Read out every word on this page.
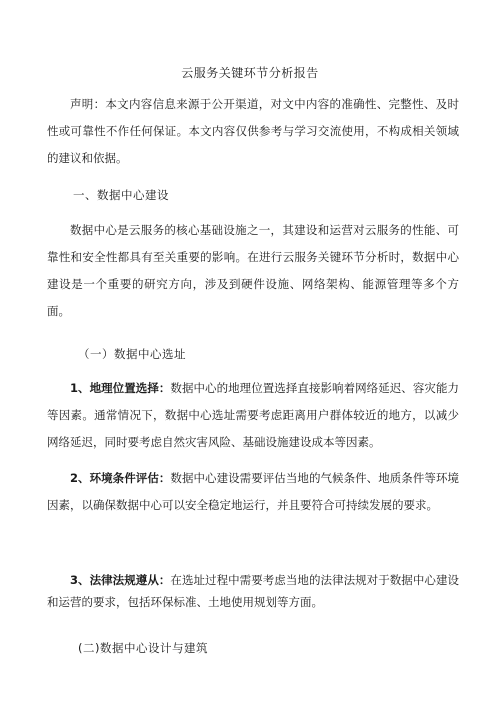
云服务关键环节分析报告
声明：本文内容信息来源于公开渠道，对文中内容的准确性、完整性、及时性或可靠性不作任何保证。本文内容仅供参考与学习交流使用，不构成相关领域的建议和依据。
一、数据中心建设
数据中心是云服务的核心基础设施之一，其建设和运营对云服务的性能、可靠性和安全性都具有至关重要的影响。在进行云服务关键环节分析时，数据中心建设是一个重要的研究方向，涉及到硬件设施、网络架构、能源管理等多个方面。
（一）数据中心选址
1、地理位置选择：数据中心的地理位置选择直接影响着网络延迟、容灾能力等因素。通常情况下，数据中心选址需要考虑距离用户群体较近的地方，以减少网络延迟，同时要考虑自然灾害风险、基础设施建设成本等因素。
2、环境条件评估：数据中心建设需要评估当地的气候条件、地质条件等环境因素，以确保数据中心可以安全稳定地运行，并且要符合可持续发展的要求。
3、法律法规遵从：在选址过程中需要考虑当地的法律法规对于数据中心建设和运营的要求，包括环保标准、土地使用规划等方面。
(二)数据中心设计与建筑
